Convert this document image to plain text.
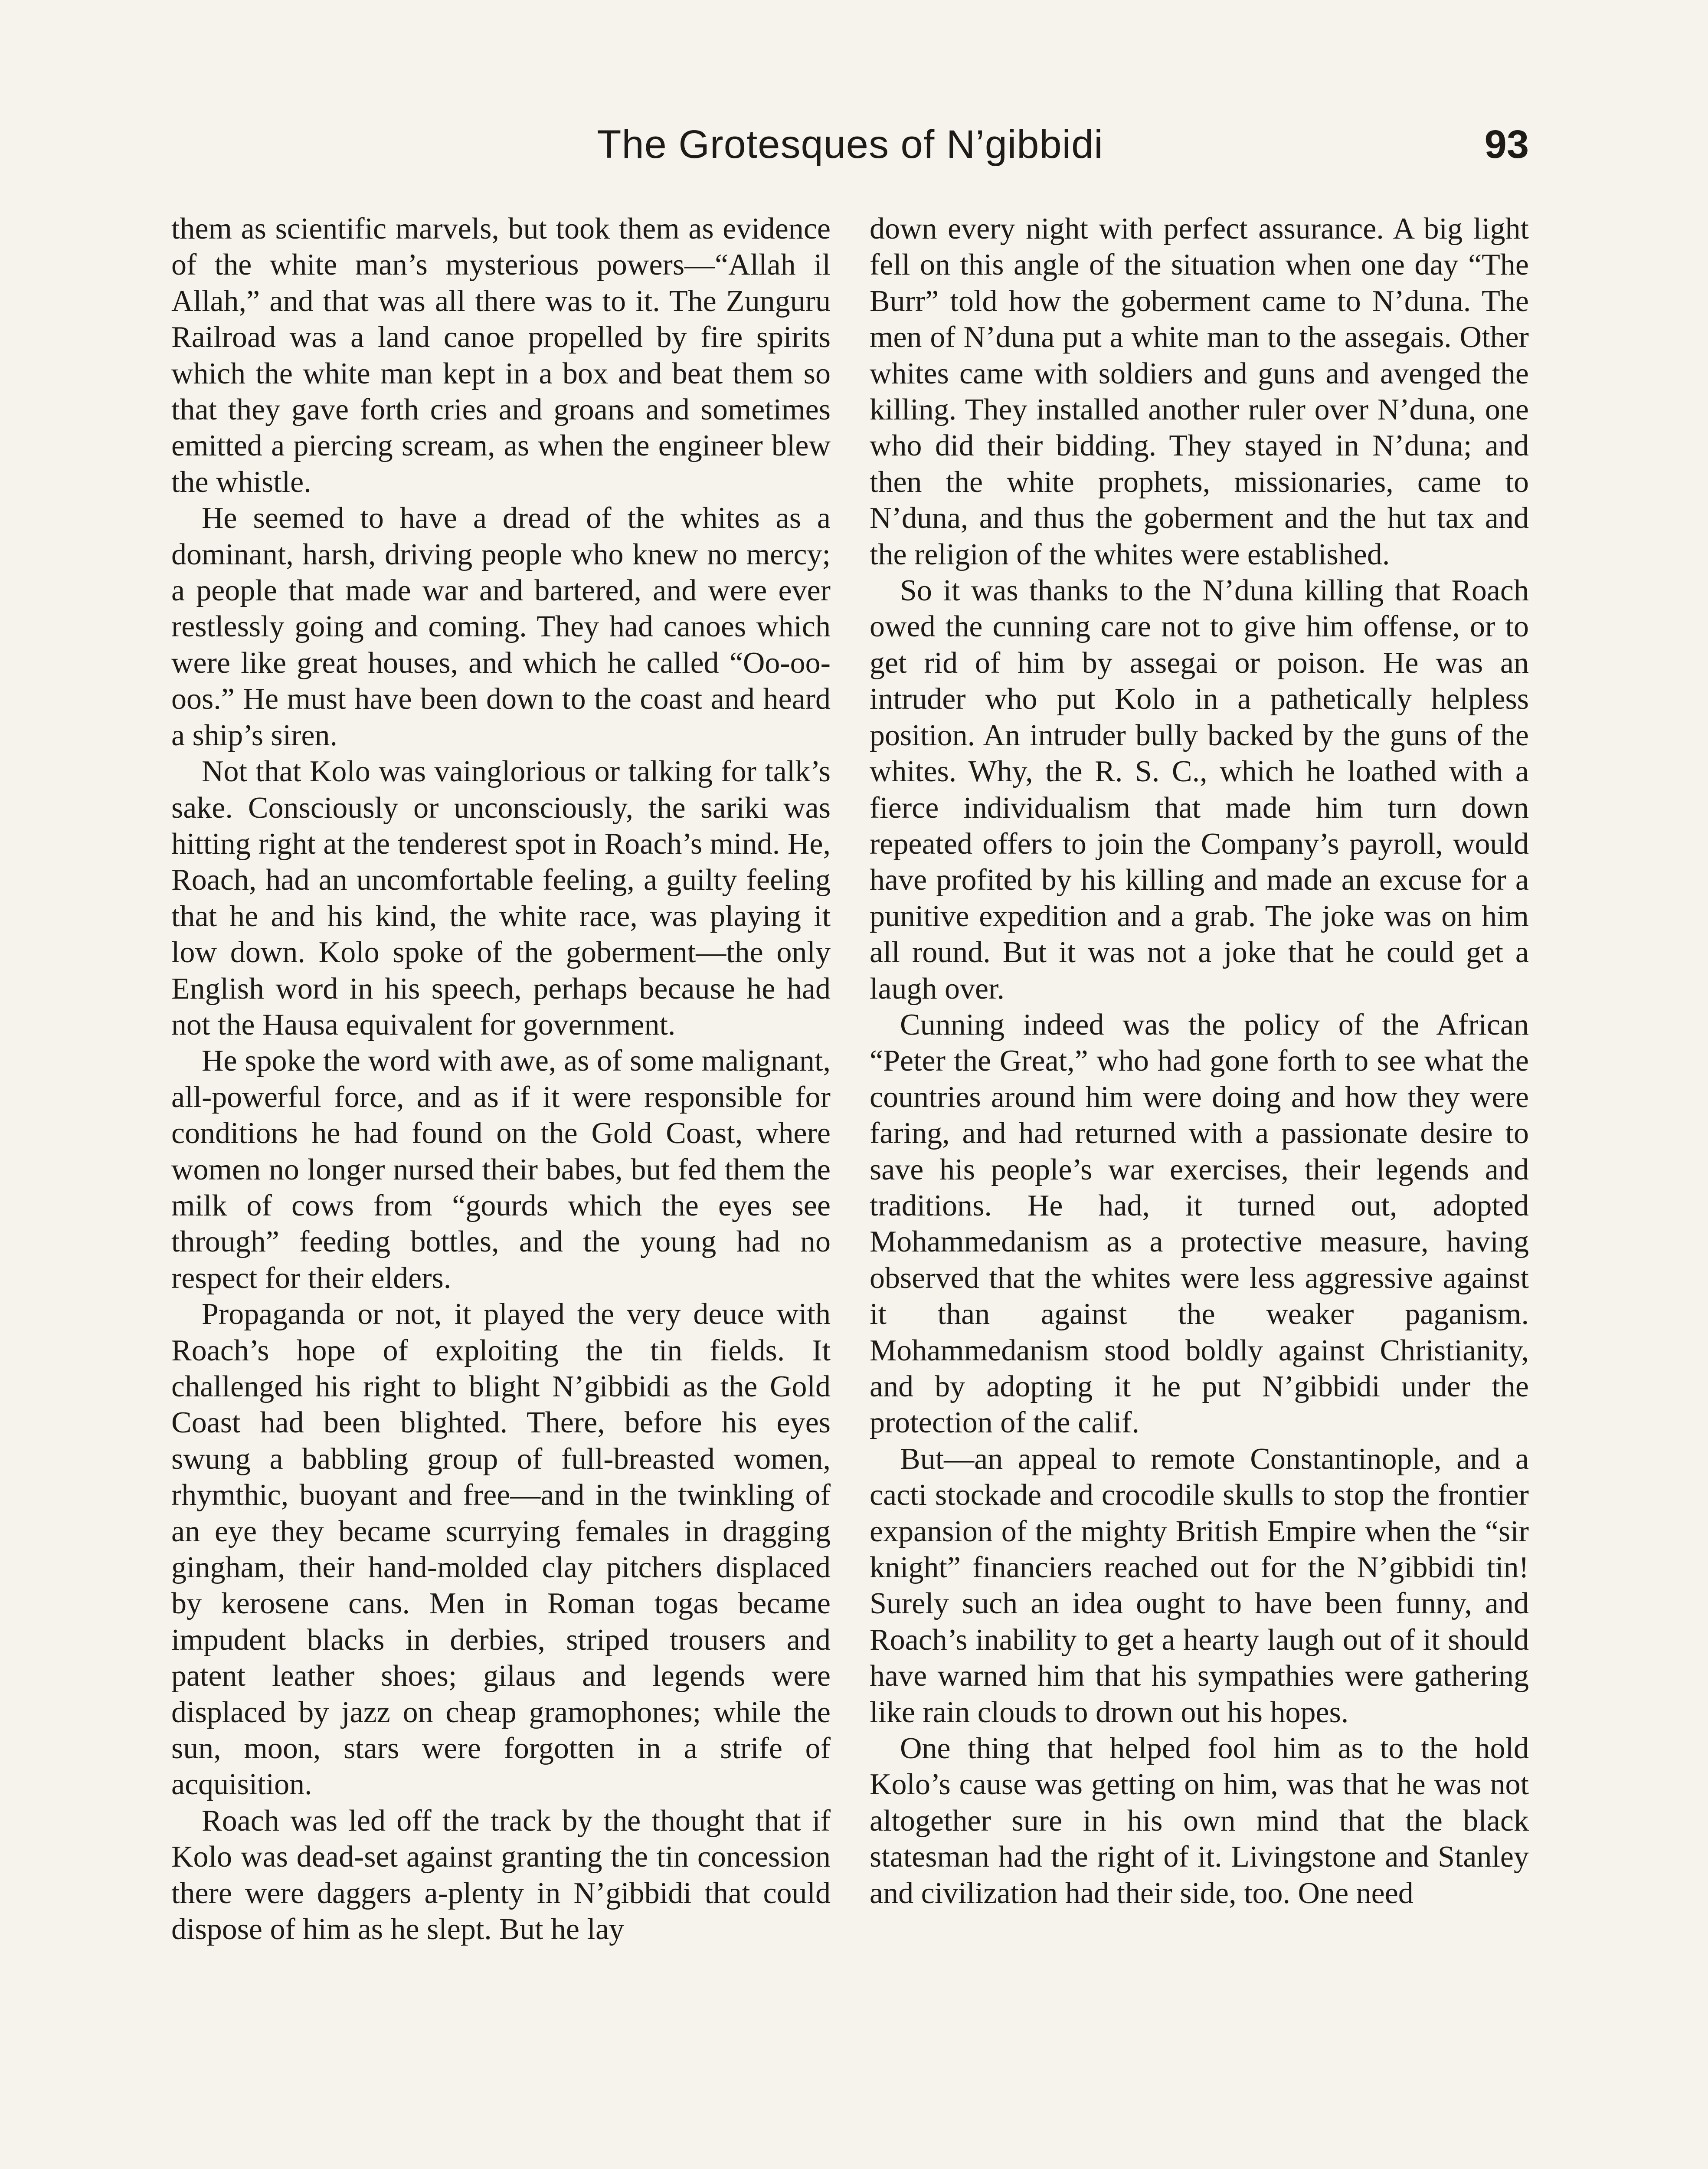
The Grotesques of N’gibbidi	93

them as scientific marvels, but took them as evidence of the white man’s mysterious powers—“Allah il Allah,” and that was all there was to it. The Zunguru Railroad was a land canoe propelled by fire spirits which the white man kept in a box and beat them so that they gave forth cries and groans and sometimes emitted a piercing scream, as when the engineer blew the whistle.

He seemed to have a dread of the whites as a dominant, harsh, driving people who knew no mercy; a people that made war and bartered, and were ever restlessly going and coming. They had canoes which were like great houses, and which he called “Oo-oo-oos.” He must have been down to the coast and heard a ship’s siren.

Not that Kolo was vainglorious or talking for talk’s sake. Consciously or unconsciously, the sariki was hitting right at the tenderest spot in Roach’s mind. He, Roach, had an uncomfortable feeling, a guilty feeling that he and his kind, the white race, was playing it low down. Kolo spoke of the goberment—the only English word in his speech, perhaps because he had not the Hausa equivalent for government.

He spoke the word with awe, as of some malignant, all-powerful force, and as if it were responsible for conditions he had found on the Gold Coast, where women no longer nursed their babes, but fed them the milk of cows from “gourds which the eyes see through” feeding bottles, and the young had no respect for their elders.

Propaganda or not, it played the very deuce with Roach’s hope of exploiting the tin fields. It challenged his right to blight N’gibbidi as the Gold Coast had been blighted. There, before his eyes swung a babbling group of full-breasted women, rhymthic, buoyant and free—and in the twinkling of an eye they became scurrying females in dragging gingham, their hand-molded clay pitchers displaced by kerosene cans. Men in Roman togas became impudent blacks in derbies, striped trousers and patent leather shoes; gilaus and legends were displaced by jazz on cheap gramophones; while the sun, moon, stars were forgotten in a strife of acquisition.

Roach was led off the track by the thought that if Kolo was dead-set against granting the tin concession there were daggers a-plenty in N’gibbidi that could dispose of him as he slept. But he lay

down every night with perfect assurance. A big light fell on this angle of the situation when one day “The Burr” told how the goberment came to N’duna. The men of N’duna put a white man to the assegais. Other whites came with soldiers and guns and avenged the killing. They installed another ruler over N’duna, one who did their bidding. They stayed in N’duna; and then the white prophets, missionaries, came to N’duna, and thus the goberment and the hut tax and the religion of the whites were established.

So it was thanks to the N’duna killing that Roach owed the cunning care not to give him offense, or to get rid of him by assegai or poison. He was an intruder who put Kolo in a pathetically helpless position. An intruder bully backed by the guns of the whites. Why, the R. S. C., which he loathed with a fierce individualism that made him turn down repeated offers to join the Company’s payroll, would have profited by his killing and made an excuse for a punitive expedition and a grab. The joke was on him all round. But it was not a joke that he could get a laugh over.

Cunning indeed was the policy of the African “Peter the Great,” who had gone forth to see what the countries around him were doing and how they were faring, and had returned with a passionate desire to save his people’s war exercises, their legends and traditions. He had, it turned out, adopted Mohammedanism as a protective measure, having observed that the whites were less aggressive against it than against the weaker paganism. Mohammedanism stood boldly against Christianity, and by adopting it he put N’gibbidi under the protection of the calif.

But—an appeal to remote Constantinople, and a cacti stockade and crocodile skulls to stop the frontier expansion of the mighty British Empire when the “sir knight” financiers reached out for the N’gibbidi tin! Surely such an idea ought to have been funny, and Roach’s inability to get a hearty laugh out of it should have warned him that his sympathies were gathering like rain clouds to drown out his hopes.

One thing that helped fool him as to the hold Kolo’s cause was getting on him, was that he was not altogether sure in his own mind that the black statesman had the right of it. Livingstone and Stanley and civilization had their side, too. One need
